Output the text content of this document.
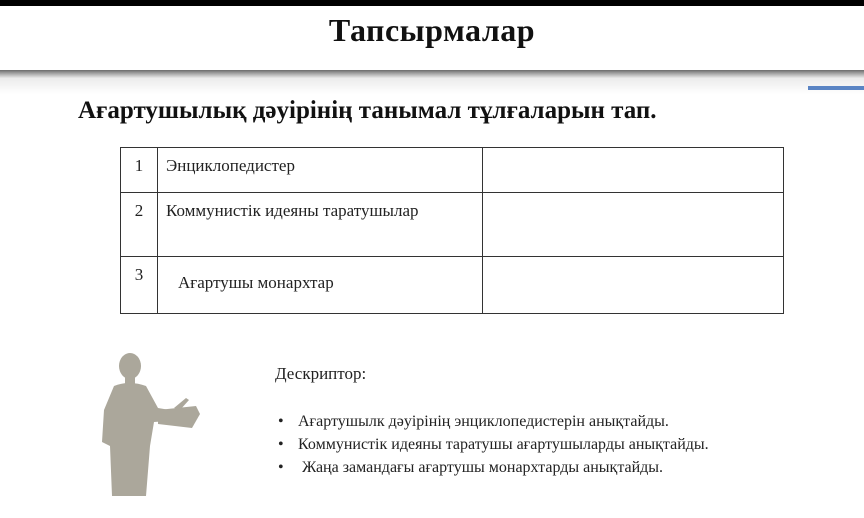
Тапсырмалар
Ағартушылық дәуірінің танымал тұлғаларын тап.
1	Энциклопедистер	
2	Коммунистік идеяны таратушылар	
3	Ағартушы монархтар	
Дескриптор:
• Ағартушылк дәуірінің энциклопедистерін анықтайды.
• Коммунистік идеяны таратушы ағартушыларды анықтайды.
• Жаңа замандағы ағартушы монархтарды анықтайды.
